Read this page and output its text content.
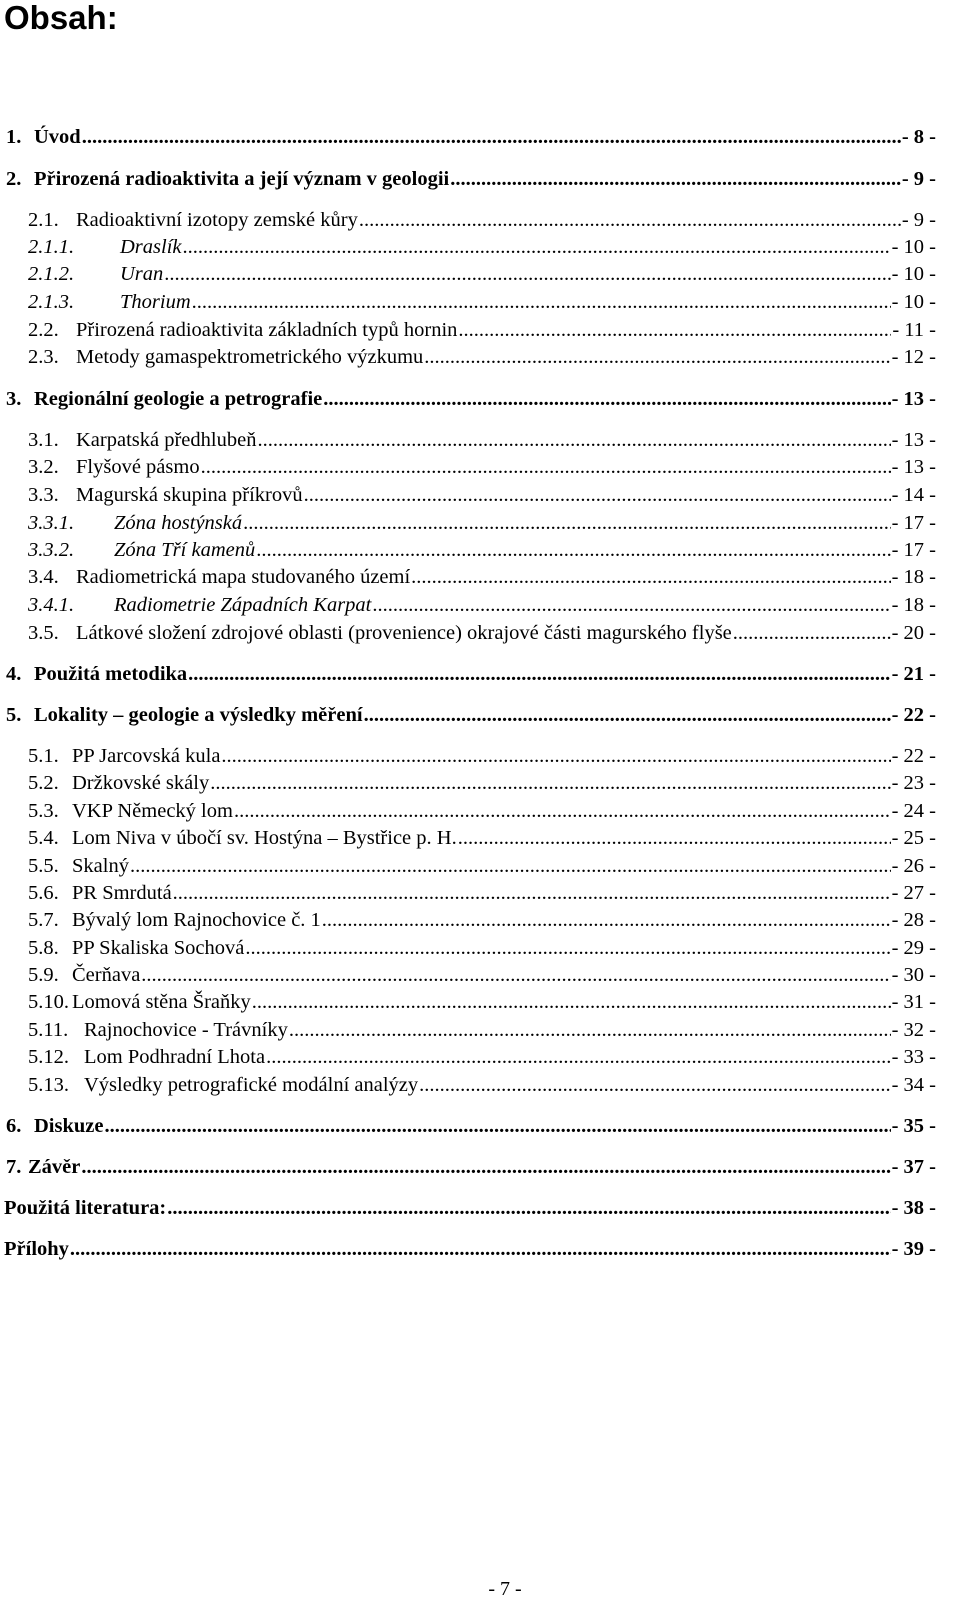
Obsah:
1. Úvod .....	- 8 -
2. Přirozená radioaktivita a její význam v geologii .....	- 9 -
2.1. Radioaktivní izotopy zemské kůry .....	- 9 -
2.1.1.	Draslík .....	- 10 -
2.1.2.	Uran .....	- 10 -
2.1.3.	Thorium .....	- 10 -
2.2. Přirozená radioaktivita základních typů hornin .....	- 11 -
2.3. Metody gamaspektrometrického výzkumu .....	- 12 -
3. Regionální geologie a petrografie .....	- 13 -
3.1. Karpatská předhlubeň .....	- 13 -
3.2. Flyšové pásmo .....	- 13 -
3.3. Magurská skupina příkrovů .....	- 14 -
3.3.1.	Zóna hostýnská .....	- 17 -
3.3.2.	Zóna Tří kamenů .....	- 17 -
3.4. Radiometrická mapa studovaného území .....	- 18 -
3.4.1.	Radiometrie Západních Karpat .....	- 18 -
3.5. Látkové složení zdrojové oblasti (provenience) okrajové části magurského flyše .....	- 20 -
4. Použitá metodika .....	- 21 -
5. Lokality – geologie a výsledky měření .....	- 22 -
5.1. PP Jarcovská kula .....	- 22 -
5.2. Držkovské skály .....	- 23 -
5.3. VKP Německý lom .....	- 24 -
5.4. Lom Niva v úbočí sv. Hostýna – Bystřice p. H. .....	- 25 -
5.5. Skalný .....	- 26 -
5.6. PR Smrdutá .....	- 27 -
5.7. Bývalý lom Rajnochovice č. 1 .....	- 28 -
5.8. PP Skaliska Sochová .....	- 29 -
5.9. Čerňava .....	- 30 -
5.10. Lomová stěna Šraňky .....	- 31 -
5.11. Rajnochovice - Trávníky .....	- 32 -
5.12. Lom Podhradní Lhota .....	- 33 -
5.13. Výsledky petrografické modální analýzy .....	- 34 -
6. Diskuze .....	- 35 -
7. Závěr .....	- 37 -
Použitá literatura: .....	- 38 -
Přílohy .....	- 39 -
- 7 -
